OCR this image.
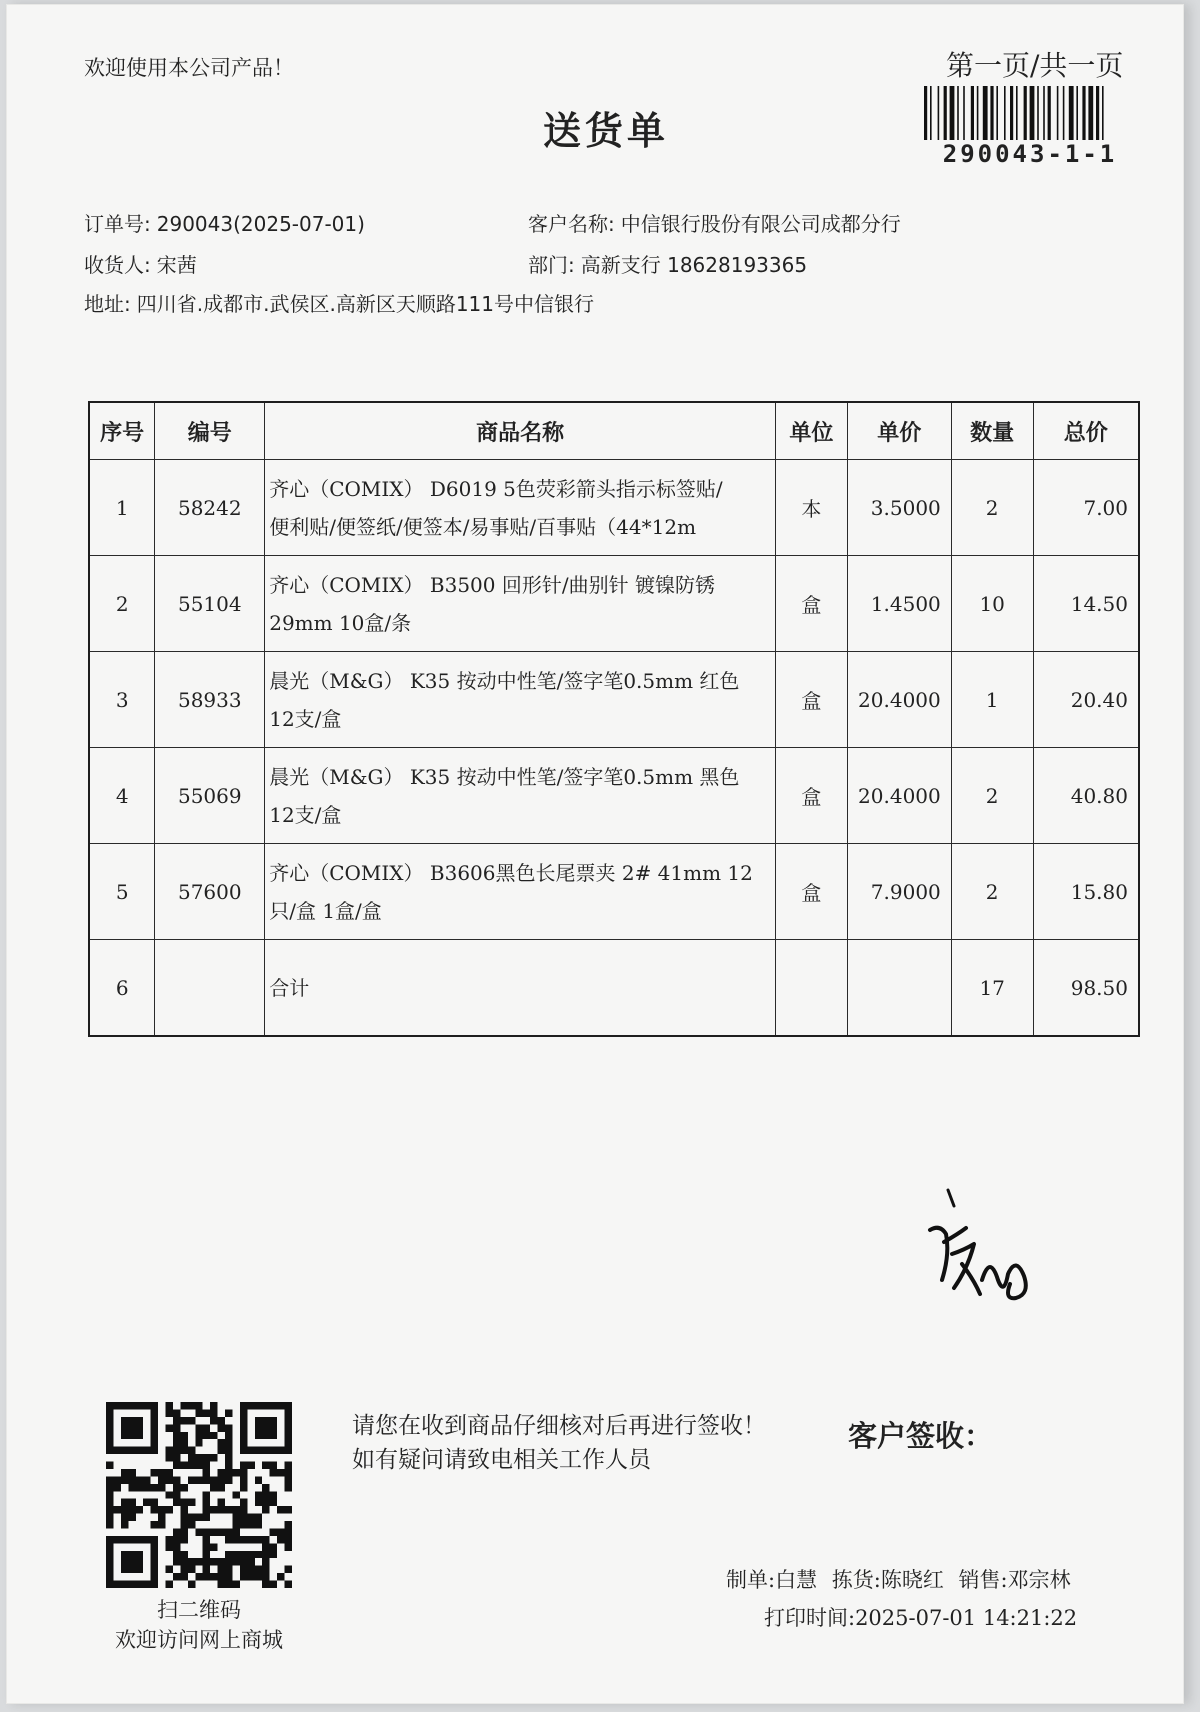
欢迎使用本公司产品！	第一页/共一页
送货单
290043-1-1
订单号: 290043(2025-07-01)	客户名称: 中信银行股份有限公司成都分行
收货人: 宋茜	部门: 高新支行 18628193365
地址: 四川省.成都市.武侯区.高新区天顺路111号中信银行
序号	编号	商品名称	单位	单价	数量	总价
1	58242	齐心（COMIX） D6019 5色荧彩箭头指示标签贴/
便利贴/便签纸/便签本/易事贴/百事贴（44*12m	本	3.5000	2	7.00
2	55104	齐心（COMIX） B3500 回形针/曲别针 镀镍防锈
29mm 10盒/条	盒	1.4500	10	14.50
3	58933	晨光（M&G） K35 按动中性笔/签字笔0.5mm 红色
12支/盒	盒	20.4000	1	20.40
4	55069	晨光（M&G） K35 按动中性笔/签字笔0.5mm 黑色
12支/盒	盒	20.4000	2	40.80
5	57600	齐心（COMIX） B3606黑色长尾票夹 2# 41mm 12
只/盒 1盒/盒	盒	7.9000	2	15.80
6		合计			17	98.50
扫二维码
欢迎访问网上商城
请您在收到商品仔细核对后再进行签收！如有疑问请致电相关工作人员
客户签收：
制单:白慧 拣货:陈晓红 销售:邓宗林
打印时间:2025-07-01 14:21:22
